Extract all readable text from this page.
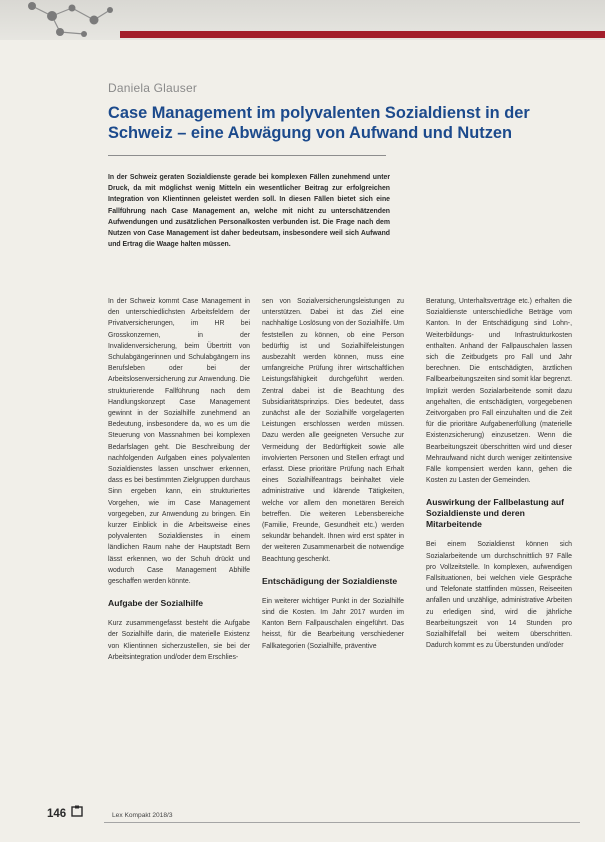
Daniela Glauser
Case Management im polyvalenten Sozialdienst in der Schweiz – eine Abwägung von Aufwand und Nutzen
In der Schweiz geraten Sozialdienste gerade bei komplexen Fällen zunehmend unter Druck, da mit möglichst wenig Mitteln ein wesentlicher Beitrag zur erfolgreichen Integration von Klientinnen geleistet werden soll. In diesen Fällen bietet sich eine Fallführung nach Case Management an, welche mit nicht zu unterschätzenden Aufwendungen und zusätzlichen Personalkosten verbunden ist. Die Frage nach dem Nutzen von Case Management ist daher bedeutsam, insbesondere weil sich Aufwand und Ertrag die Waage halten müssen.

In der Schweiz kommt Case Management in den unterschiedlichsten Arbeitsfeldern der Privatversicherungen, im HR bei Grosskonzernen, in der Invalidenversicherung, beim Übertritt von Schulabgängerinnen und Schulabgängern ins Berufsleben oder bei der Arbeitslosenversicherung zur Anwendung. Die strukturierende Fallführung nach dem Handlungskonzept Case Management gewinnt in der Sozialhilfe zunehmend an Bedeutung, insbesondere da, wo es um die Steuerung von Massnahmen bei komplexen Bedarfslagen geht. Die Beschreibung der nachfolgenden Aufgaben eines polyvalenten Sozialdienstes lassen unschwer erkennen, dass es bei bestimmten Zielgruppen durchaus Sinn ergeben kann, ein strukturiertes Vorgehen, wie im Case Management vorgegeben, zur Anwendung zu bringen. Ein kurzer Einblick in die Arbeitsweise eines polyvalenten Sozialdienstes in einem ländlichen Raum nahe der Hauptstadt Bern lässt erkennen, wo der Schuh drückt und wodurch Case Management Abhilfe geschaffen werden könnte.

Aufgabe der Sozialhilfe

Kurz zusammengefasst besteht die Aufgabe der Sozialhilfe darin, die materielle Existenz von Klientinnen sicherzustellen, sie bei der Arbeitsintegration und/oder dem Erschlies-

sen von Sozialversicherungsleistungen zu unterstützen. Dabei ist das Ziel eine nachhaltige Loslösung von der Sozialhilfe. Um feststellen zu können, ob eine Person bedürftig ist und Sozialhilfeleistungen ausbezahlt werden können, muss eine umfangreiche Prüfung ihrer wirtschaftlichen Leistungsfähigkeit durchgeführt werden. Zentral dabei ist die Beachtung des Subsidiaritätsprinzips. Dies bedeutet, dass zunächst alle der Sozialhilfe vorgelagerten Leistungen erschlossen werden müssen. Dazu werden alle geeigneten Versuche zur Vermeidung der Bedürftigkeit sowie alle involvierten Personen und Stellen erfragt und erfasst. Diese prioritäre Prüfung nach Erhalt eines Sozialhilfeantrags beinhaltet viele administrative und klärende Tätigkeiten, welche vor allem den monetären Bereich betreffen. Die weiteren Lebensbereiche (Familie, Freunde, Gesundheit etc.) werden sekundär behandelt. Ihnen wird erst später in der weiteren Zusammenarbeit die notwendige Beachtung geschenkt.

Entschädigung der Sozialdienste

Ein weiterer wichtiger Punkt in der Sozialhilfe sind die Kosten. Im Jahr 2017 wurden im Kanton Bern Fallpauschalen eingeführt. Das heisst, für die Bearbeitung verschiedener Fallkategorien (Sozialhilfe, präventive

Beratung, Unterhaltsverträge etc.) erhalten die Sozialdienste unterschiedliche Beträge vom Kanton. In der Entschädigung sind Lohn-, Weiterbildungs- und Infrastrukturkosten enthalten. Anhand der Fallpauschalen lassen sich die Zeitbudgets pro Fall und Jahr berechnen. Die entschädigten, ärztlichen Fallbearbeitungszeiten sind somit klar begrenzt. Implizit werden Sozialarbeitende somit dazu angehalten, die entschädigten, vorgegebenen Zeitvorgaben pro Fall einzuhalten und die Zeit für die prioritäre Aufgabenerfüllung (materielle Existenzsicherung) einzusetzen. Wenn die Bearbeitungszeit überschritten wird und dieser Mehraufwand nicht durch weniger zeitintensive Fälle kompensiert werden kann, gehen die Kosten zu Lasten der Gemeinden.

Auswirkung der Fallbelastung auf Sozialdienste und deren Mitarbeitende

Bei einem Sozialdienst können sich Sozialarbeitende um durchschnittlich 97 Fälle pro Vollzeitstelle. In komplexen, aufwendigen Fallsituationen, bei welchen viele Gespräche und Telefonate stattfinden müssen, Reiseeiten anfallen und unzählige, administrative Arbeiten zu erledigen sind, wird die jährliche Bearbeitungszeit von 14 Stunden pro Sozialhilfefall bei weitem überschritten. Dadurch kommt es zu Überstunden und/oder

146	Lex Kompakt 2018/3
